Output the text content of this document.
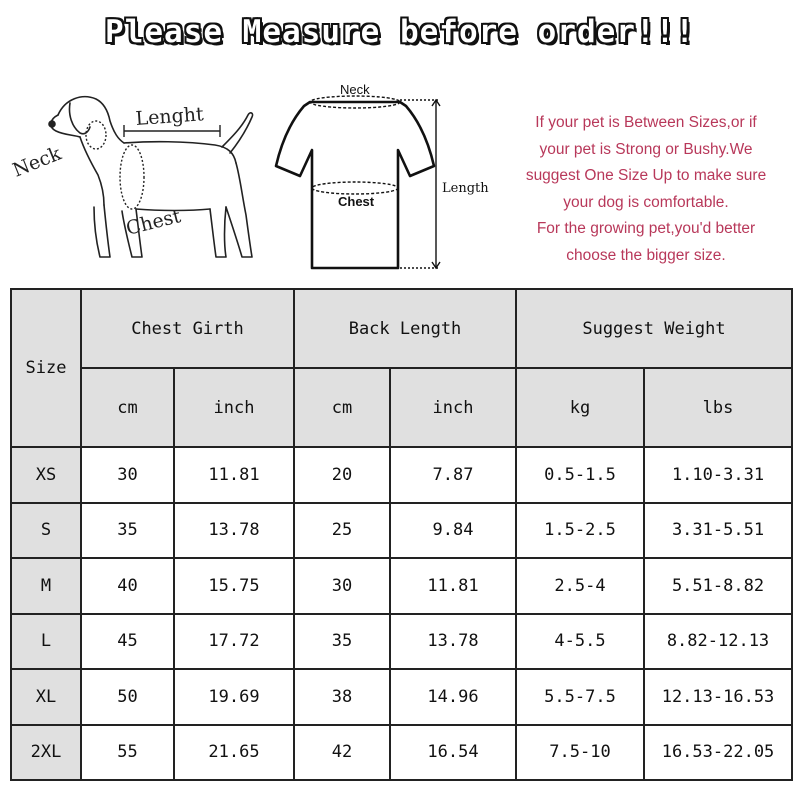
Please Measure before order!!!
Neck
Lenght
Chest
Neck
Chest
Length
If your pet is Between Sizes,or if
your pet is Strong or Bushy.We
suggest One Size Up to make sure
your dog is comfortable.
For the growing pet,you'd better
choose the bigger size.
Size	Chest Girth		Back Length		Suggest Weight	
	cm	inch	cm	inch	kg	lbs
XS	30	11.81	20	7.87	0.5-1.5	1.10-3.31
S	35	13.78	25	9.84	1.5-2.5	3.31-5.51
M	40	15.75	30	11.81	2.5-4	5.51-8.82
L	45	17.72	35	13.78	4-5.5	8.82-12.13
XL	50	19.69	38	14.96	5.5-7.5	12.13-16.53
2XL	55	21.65	42	16.54	7.5-10	16.53-22.05
